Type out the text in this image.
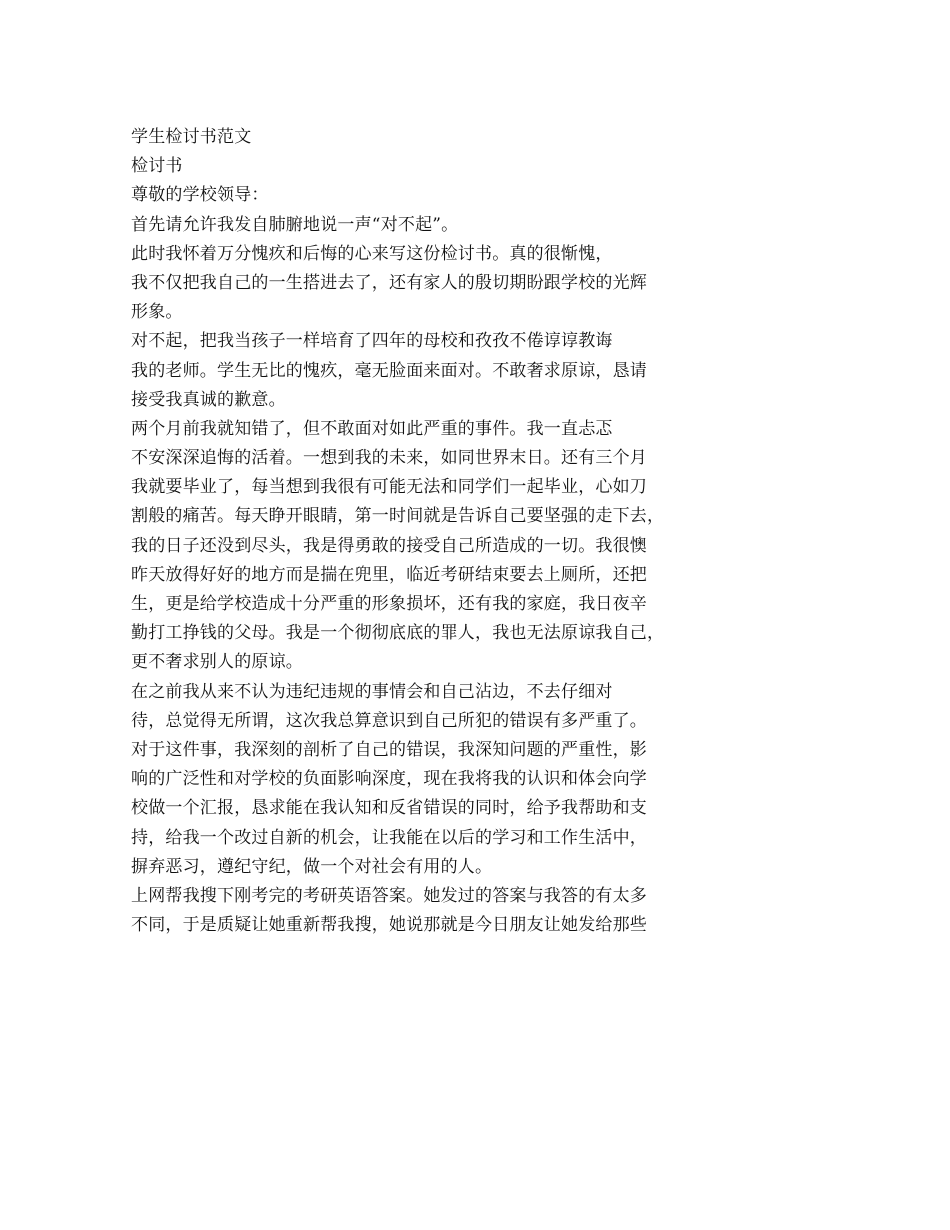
学生检讨书范文
检讨书
尊敬的学校领导：
首先请允许我发自肺腑地说一声“对不起”。
此时我怀着万分愧疚和后悔的心来写这份检讨书。真的很惭愧，
我不仅把我自己的一生搭进去了，还有家人的殷切期盼跟学校的光辉
形象。
对不起，把我当孩子一样培育了四年的母校和孜孜不倦谆谆教诲
我的老师。学生无比的愧疚，毫无脸面来面对。不敢奢求原谅，恳请
接受我真诚的歉意。
两个月前我就知错了，但不敢面对如此严重的事件。我一直忐忑
不安深深追悔的活着。一想到我的未来，如同世界末日。还有三个月
我就要毕业了，每当想到我很有可能无法和同学们一起毕业，心如刀
割般的痛苦。每天睁开眼睛，第一时间就是告诉自己要坚强的走下去，
我的日子还没到尽头，我是得勇敢的接受自己所造成的一切。我很懊
昨天放得好好的地方而是揣在兜里，临近考研结束要去上厕所，还把
生，更是给学校造成十分严重的形象损坏，还有我的家庭，我日夜辛
勤打工挣钱的父母。我是一个彻彻底底的罪人，我也无法原谅我自己，
更不奢求别人的原谅。
在之前我从来不认为违纪违规的事情会和自己沾边，不去仔细对
待，总觉得无所谓，这次我总算意识到自己所犯的错误有多严重了。
对于这件事，我深刻的剖析了自己的错误，我深知问题的严重性，影
响的广泛性和对学校的负面影响深度，现在我将我的认识和体会向学
校做一个汇报，恳求能在我认知和反省错误的同时，给予我帮助和支
持，给我一个改过自新的机会，让我能在以后的学习和工作生活中，
摒弃恶习，遵纪守纪，做一个对社会有用的人。
上网帮我搜下刚考完的考研英语答案。她发过的答案与我答的有太多
不同，于是质疑让她重新帮我搜，她说那就是今日朋友让她发给那些
